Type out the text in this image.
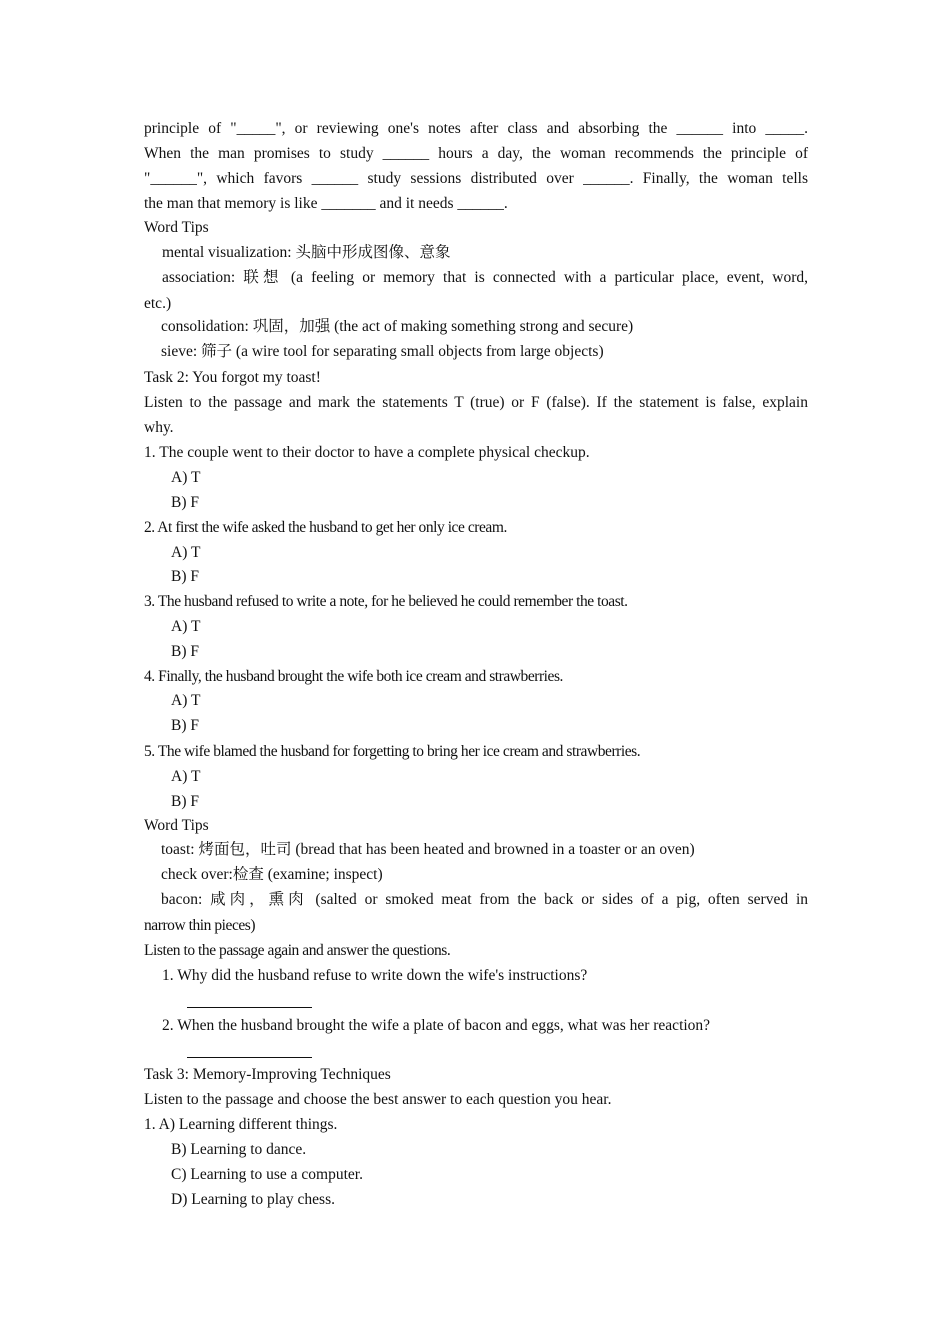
principle of "_____", or reviewing one's notes after class and absorbing the ______ into _____.
When the man promises to study ______ hours a day, the woman recommends the principle of
"______", which favors ______ study sessions distributed over ______. Finally, the woman tells
the man that memory is like _______ and it needs ______.
Word Tips
mental visualization: 头脑中形成图像、意象
association: 联想 (a feeling or memory that is connected with a particular place, event, word,
etc.)
consolidation: 巩固，加强 (the act of making something strong and secure)
sieve: 筛子 (a wire tool for separating small objects from large objects)
Task 2: You forgot my toast!
Listen to the passage and mark the statements T (true) or F (false). If the statement is false, explain
why.
1. The couple went to their doctor to have a complete physical checkup.
A) T
B) F
2. At first the wife asked the husband to get her only ice cream.
A) T
B) F
3. The husband refused to write a note, for he believed he could remember the toast.
A) T
B) F
4. Finally, the husband brought the wife both ice cream and strawberries.
A) T
B) F
5. The wife blamed the husband for forgetting to bring her ice cream and strawberries.
A) T
B) F
Word Tips
toast: 烤面包，吐司 (bread that has been heated and browned in a toaster or an oven)
check over:检查 (examine; inspect)
bacon: 咸肉，熏肉 (salted or smoked meat from the back or sides of a pig, often served in
narrow thin pieces)
Listen to the passage again and answer the questions.
1. Why did the husband refuse to write down the wife's instructions?
2. When the husband brought the wife a plate of bacon and eggs, what was her reaction?
Task 3: Memory-Improving Techniques
Listen to the passage and choose the best answer to each question you hear.
1. A) Learning different things.
B) Learning to dance.
C) Learning to use a computer.
D) Learning to play chess.
